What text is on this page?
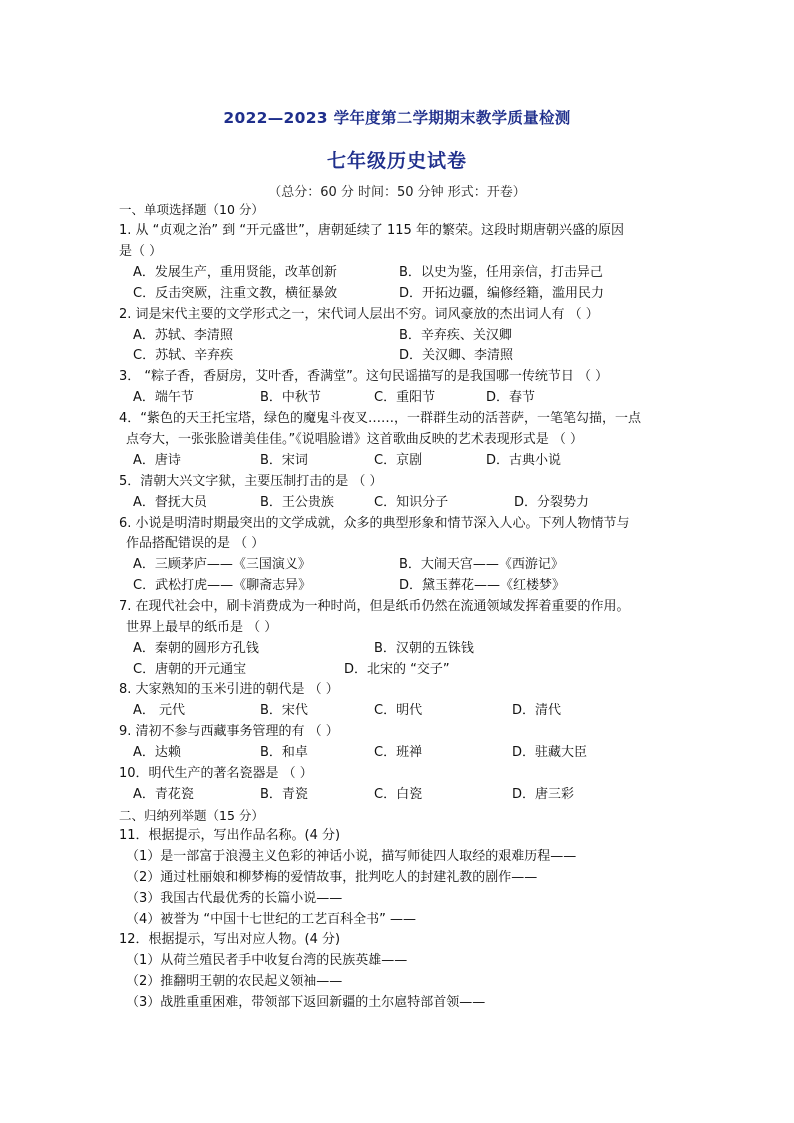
2022—2023 学年度第二学期期末教学质量检测
七年级历史试卷
（总分：60 分 时间：50 分钟 形式：开卷）
一、单项选择题（10 分）
1. 从 “贞观之治” 到 “开元盛世”，唐朝延续了 115 年的繁荣。这段时期唐朝兴盛的原因
是（ ）
A．发展生产，重用贤能，改革创新	B．以史为鉴，任用亲信，打击异己
C．反击突厥，注重文教，横征暴敛	D．开拓边疆，编修经籍，滥用民力
2. 词是宋代主要的文学形式之一，宋代词人层出不穷。词风豪放的杰出词人有 （ ）
A．苏轼、李清照	B．辛弃疾、关汉卿
C．苏轼、辛弃疾	D．关汉卿、李清照
3． “粽子香，香厨房，艾叶香，香满堂”。这句民谣描写的是我国哪一传统节日 （ ）
A．端午节	B．中秋节	C．重阳节	D．春节
4．“紫色的天王托宝塔，绿色的魔鬼斗夜叉……，一群群生动的活菩萨，一笔笔勾描，一点
点夸大，一张张脸谱美佳佳。”《说唱脸谱》这首歌曲反映的艺术表现形式是 （ ）
A．唐诗	B．宋词	C．京剧	D．古典小说
5．清朝大兴文字狱，主要压制打击的是 （ ）
A．督抚大员	B．王公贵族	C．知识分子	D．分裂势力
6. 小说是明清时期最突出的文学成就，众多的典型形象和情节深入人心。下列人物情节与
作品搭配错误的是 （ ）
A．三顾茅庐——《三国演义》	B．大闹天宫——《西游记》
C．武松打虎——《聊斋志异》	D．黛玉葬花——《红楼梦》
7. 在现代社会中，刷卡消费成为一种时尚，但是纸币仍然在流通领域发挥着重要的作用。
世界上最早的纸币是 （ ）
A．秦朝的圆形方孔钱	B．汉朝的五铢钱
C．唐朝的开元通宝	D．北宋的 “交子”
8. 大家熟知的玉米引进的朝代是 （ ）
A． 元代	B．宋代	C．明代	D．清代
9. 清初不参与西藏事务管理的有 （ ）
A．达赖	B．和卓	C．班禅	D．驻藏大臣
10．明代生产的著名瓷器是 （ ）
A．青花瓷	B．青瓷	C．白瓷	D．唐三彩
二、归纳列举题（15 分）
11．根据提示，写出作品名称。(4 分)
（1）是一部富于浪漫主义色彩的神话小说，描写师徒四人取经的艰难历程——
（2）通过杜丽娘和柳梦梅的爱情故事，批判吃人的封建礼教的剧作——
（3）我国古代最优秀的长篇小说——
（4）被誉为 “中国十七世纪的工艺百科全书” ——
12．根据提示，写出对应人物。(4 分)
（1）从荷兰殖民者手中收复台湾的民族英雄——
（2）推翻明王朝的农民起义领袖——
（3）战胜重重困难，带领部下返回新疆的土尔扈特部首领——
